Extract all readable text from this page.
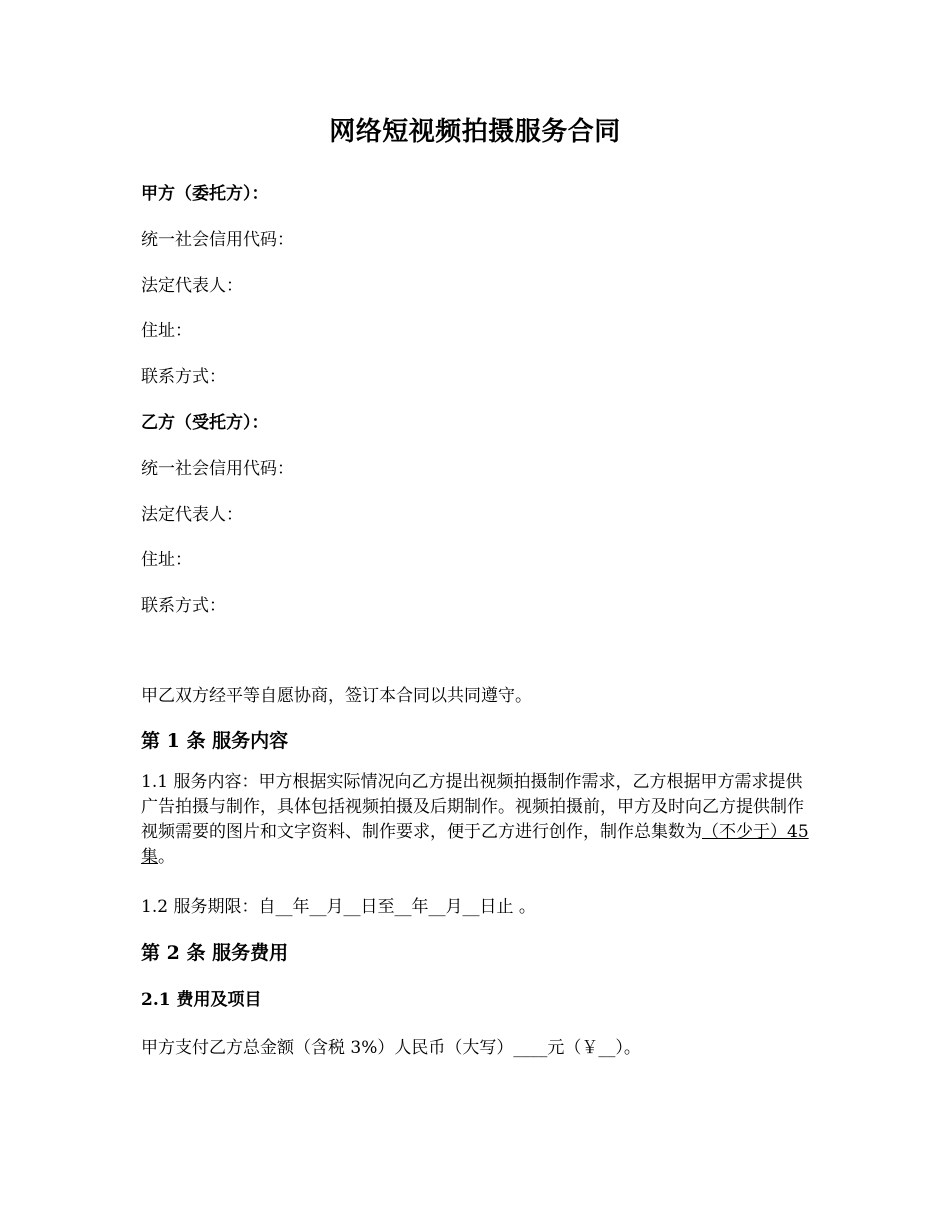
网络短视频拍摄服务合同
甲方（委托方）：
统一社会信用代码：
法定代表人：
住址：
联系方式：
乙方（受托方）：
统一社会信用代码：
法定代表人：
住址：
联系方式：
甲乙双方经平等自愿协商，签订本合同以共同遵守。
第 1 条 服务内容
1.1 服务内容：甲方根据实际情况向乙方提出视频拍摄制作需求，乙方根据甲方需求提供广告拍摄与制作，具体包括视频拍摄及后期制作。视频拍摄前，甲方及时向乙方提供制作视频需要的图片和文字资料、制作要求，便于乙方进行创作，制作总集数为（不少于）45 集。
1.2 服务期限：自__年__月__日至__年__月__日止 。
第 2 条 服务费用
2.1 费用及项目
甲方支付乙方总金额（含税 3%）人民币（大写）____元（￥__）。
